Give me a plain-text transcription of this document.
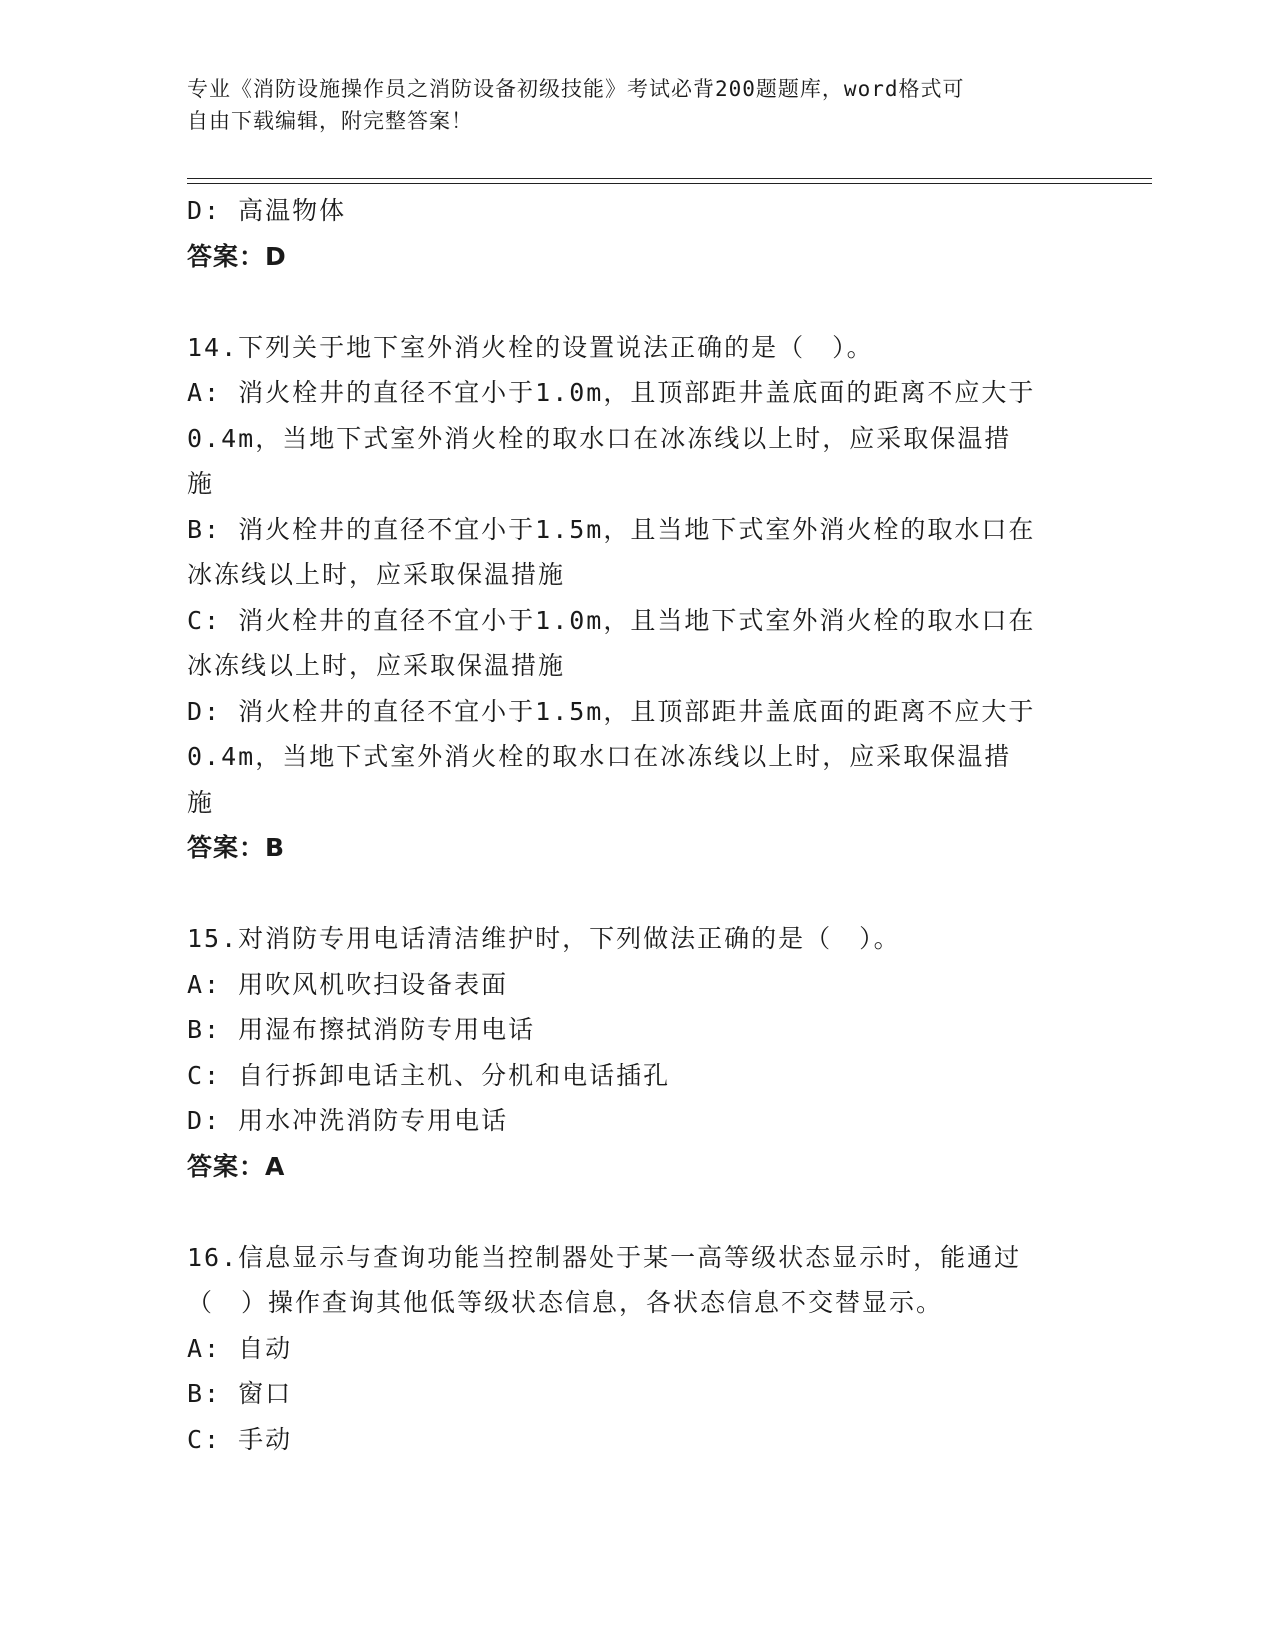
专业《消防设施操作员之消防设备初级技能》考试必背200题题库，word格式可
自由下载编辑，附完整答案！
D: 高温物体
答案：D
14.下列关于地下室外消火栓的设置说法正确的是（　）。
A: 消火栓井的直径不宜小于1.0m，且顶部距井盖底面的距离不应大于
0.4m，当地下式室外消火栓的取水口在冰冻线以上时，应采取保温措
施
B: 消火栓井的直径不宜小于1.5m，且当地下式室外消火栓的取水口在
冰冻线以上时，应采取保温措施
C: 消火栓井的直径不宜小于1.0m，且当地下式室外消火栓的取水口在
冰冻线以上时，应采取保温措施
D: 消火栓井的直径不宜小于1.5m，且顶部距井盖底面的距离不应大于
0.4m，当地下式室外消火栓的取水口在冰冻线以上时，应采取保温措
施
答案：B
15.对消防专用电话清洁维护时，下列做法正确的是（　）。
A: 用吹风机吹扫设备表面
B: 用湿布擦拭消防专用电话
C: 自行拆卸电话主机、分机和电话插孔
D: 用水冲洗消防专用电话
答案：A
16.信息显示与查询功能当控制器处于某一高等级状态显示时，能通过
（　）操作查询其他低等级状态信息，各状态信息不交替显示。
A: 自动
B: 窗口
C: 手动
